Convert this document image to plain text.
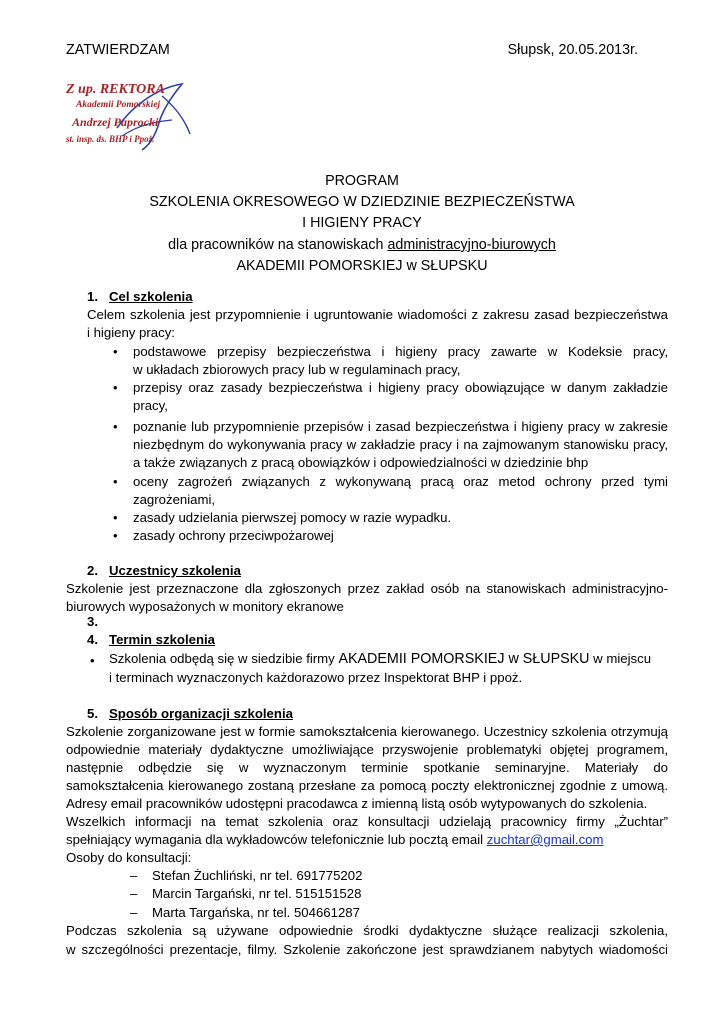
ZATWIERDZAM	Słupsk, 20.05.2013r.
Z up. REKTORA
Akademii Pomorskiej
Andrzej Paprocki
st. insp. ds. BHP i Ppoż.
PROGRAM
SZKOLENIA OKRESOWEGO W DZIEDZINIE BEZPIECZEŃSTWA
I HIGIENY PRACY
dla pracowników na stanowiskach administracyjno-biurowych
AKADEMII POMORSKIEJ w SŁUPSKU
1. Cel szkolenia
Celem szkolenia jest przypomnienie i ugruntowanie wiadomości z zakresu zasad bezpieczeństwa
i higieny pracy:
• podstawowe przepisy bezpieczeństwa i higieny pracy zawarte w Kodeksie pracy,
w układach zbiorowych pracy lub w regulaminach pracy,
• przepisy oraz zasady bezpieczeństwa i higieny pracy obowiązujące w danym zakładzie
pracy,
• poznanie lub przypomnienie przepisów i zasad bezpieczeństwa i higieny pracy w zakresie
niezbędnym do wykonywania pracy w zakładzie pracy i na zajmowanym stanowisku pracy,
a także związanych z pracą obowiązków i odpowiedzialności w dziedzinie bhp
• oceny zagrożeń związanych z wykonywaną pracą oraz metod ochrony przed tymi
zagrożeniami,
• zasady udzielania pierwszej pomocy w razie wypadku.
• zasady ochrony przeciwpożarowej
2. Uczestnicy szkolenia
Szkolenie jest przeznaczone dla zgłoszonych przez zakład osób na stanowiskach administracyjno-
biurowych wyposażonych w monitory ekranowe
3.
4. Termin szkolenia
• Szkolenia odbędą się w siedzibie firmy AKADEMII POMORSKIEJ w SŁUPSKU w miejscu
i terminach wyznaczonych każdorazowo przez Inspektorat BHP i ppoż.
5. Sposób organizacji szkolenia
Szkolenie zorganizowane jest w formie samokształcenia kierowanego. Uczestnicy szkolenia otrzymują
odpowiednie materiały dydaktyczne umożliwiające przyswojenie problematyki objętej programem,
następnie odbędzie się w wyznaczonym terminie spotkanie seminaryjne. Materiały do
samokształcenia kierowanego zostaną przesłane za pomocą poczty elektronicznej zgodnie z umową.
Adresy email pracowników udostępni pracodawca z imienną listą osób wytypowanych do szkolenia.
Wszelkich informacji na temat szkolenia oraz konsultacji udzielają pracownicy firmy „Żuchtar”
spełniający wymagania dla wykładowców telefonicznie lub pocztą email zuchtar@gmail.com
Osoby do konsultacji:
– Stefan Żuchliński, nr tel. 691775202
– Marcin Targański, nr tel. 515151528
– Marta Targańska, nr tel. 504661287
Podczas szkolenia są używane odpowiednie środki dydaktyczne służące realizacji szkolenia,
w szczególności prezentacje, filmy. Szkolenie zakończone jest sprawdzianem nabytych wiadomości
